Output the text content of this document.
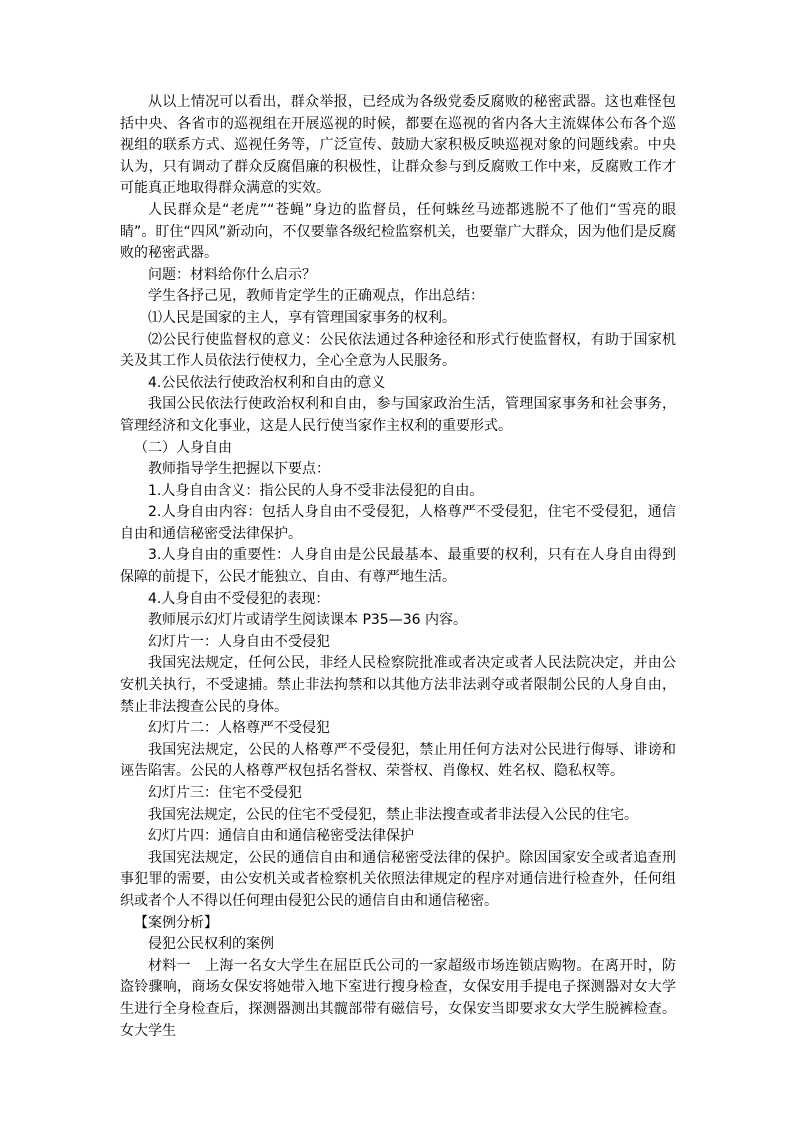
从以上情况可以看出，群众举报，已经成为各级党委反腐败的秘密武器。这也难怪包括中央、各省市的巡视组在开展巡视的时候，都要在巡视的省内各大主流媒体公布各个巡视组的联系方式、巡视任务等，广泛宣传、鼓励大家积极反映巡视对象的问题线索。中央认为，只有调动了群众反腐倡廉的积极性，让群众参与到反腐败工作中来，反腐败工作才可能真正地取得群众满意的实效。

人民群众是“老虎”“苍蝇”身边的监督员，任何蛛丝马迹都逃脱不了他们“雪亮的眼睛”。盯住“四风”新动向，不仅要靠各级纪检监察机关，也要靠广大群众，因为他们是反腐败的秘密武器。

问题：材料给你什么启示？

学生各抒己见，教师肯定学生的正确观点，作出总结：

⑴人民是国家的主人，享有管理国家事务的权利。

⑵公民行使监督权的意义：公民依法通过各种途径和形式行使监督权，有助于国家机关及其工作人员依法行使权力，全心全意为人民服务。

4.公民依法行使政治权利和自由的意义

我国公民依法行使政治权利和自由，参与国家政治生活，管理国家事务和社会事务，管理经济和文化事业，这是人民行使当家作主权利的重要形式。

（二）人身自由

教师指导学生把握以下要点：

1.人身自由含义：指公民的人身不受非法侵犯的自由。

2.人身自由内容：包括人身自由不受侵犯，人格尊严不受侵犯，住宅不受侵犯，通信自由和通信秘密受法律保护。

3.人身自由的重要性：人身自由是公民最基本、最重要的权利，只有在人身自由得到保障的前提下，公民才能独立、自由、有尊严地生活。

4.人身自由不受侵犯的表现：

教师展示幻灯片或请学生阅读课本 P35—36 内容。

幻灯片一：人身自由不受侵犯

我国宪法规定，任何公民，非经人民检察院批准或者决定或者人民法院决定，并由公安机关执行，不受逮捕。禁止非法拘禁和以其他方法非法剥夺或者限制公民的人身自由，禁止非法搜查公民的身体。

幻灯片二：人格尊严不受侵犯

我国宪法规定，公民的人格尊严不受侵犯，禁止用任何方法对公民进行侮辱、诽谤和诬告陷害。公民的人格尊严权包括名誉权、荣誉权、肖像权、姓名权、隐私权等。

幻灯片三：住宅不受侵犯

我国宪法规定，公民的住宅不受侵犯，禁止非法搜查或者非法侵入公民的住宅。

幻灯片四：通信自由和通信秘密受法律保护

我国宪法规定，公民的通信自由和通信秘密受法律的保护。除因国家安全或者追查刑事犯罪的需要，由公安机关或者检察机关依照法律规定的程序对通信进行检查外，任何组织或者个人不得以任何理由侵犯公民的通信自由和通信秘密。

【案例分析】

侵犯公民权利的案例

材料一　上海一名女大学生在屈臣氏公司的一家超级市场连锁店购物。在离开时，防盗铃骤响，商场女保安将她带入地下室进行搜身检查，女保安用手提电子探测器对女大学生进行全身检查后，探测器测出其髋部带有磁信号，女保安当即要求女大学生脱裤检查。女大学生
